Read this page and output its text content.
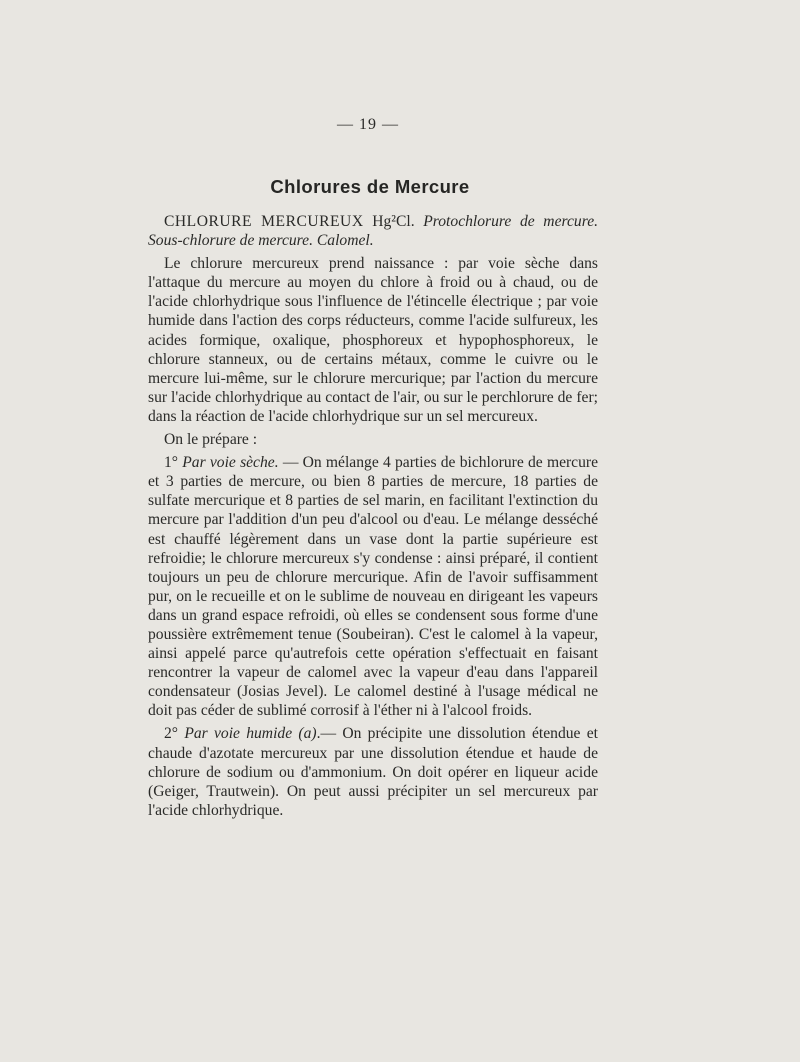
— 19 —
Chlorures de Mercure

CHLORURE MERCUREUX Hg²Cl. Protochlorure de mercure. Sous-chlorure de mercure. Calomel.

Le chlorure mercureux prend naissance : par voie sèche dans l'attaque du mercure au moyen du chlore à froid ou à chaud, ou de l'acide chlorhydrique sous l'influence de l'étincelle électrique ; par voie humide dans l'action des corps réducteurs, comme l'acide sulfureux, les acides formique, oxalique, phosphoreux et hypophosphoreux, le chlorure stanneux, ou de certains métaux, comme le cuivre ou le mercure lui-même, sur le chlorure mercurique; par l'action du mercure sur l'acide chlorhydrique au contact de l'air, ou sur le perchlorure de fer; dans la réaction de l'acide chlorhydrique sur un sel mercureux.

On le prépare :

1° Par voie sèche. — On mélange 4 parties de bichlorure de mercure et 3 parties de mercure, ou bien 8 parties de mercure, 18 parties de sulfate mercurique et 8 parties de sel marin, en facilitant l'extinction du mercure par l'addition d'un peu d'alcool ou d'eau. Le mélange desséché est chauffé légèrement dans un vase dont la partie supérieure est refroidie; le chlorure mercureux s'y condense : ainsi préparé, il contient toujours un peu de chlorure mercurique. Afin de l'avoir suffisamment pur, on le recueille et on le sublime de nouveau en dirigeant les vapeurs dans un grand espace refroidi, où elles se condensent sous forme d'une poussière extrêmement tenue (Soubeiran). C'est le calomel à la vapeur, ainsi appelé parce qu'autrefois cette opération s'effectuait en faisant rencontrer la vapeur de calomel avec la vapeur d'eau dans l'appareil condensateur (Josias Jevel). Le calomel destiné à l'usage médical ne doit pas céder de sublimé corrosif à l'éther ni à l'alcool froids.

2° Par voie humide (a).— On précipite une dissolution étendue et chaude d'azotate mercureux par une dissolution étendue et haude de chlorure de sodium ou d'ammonium. On doit opérer en liqueur acide (Geiger, Trautwein). On peut aussi précipiter un sel mercureux par l'acide chlorhydrique.
